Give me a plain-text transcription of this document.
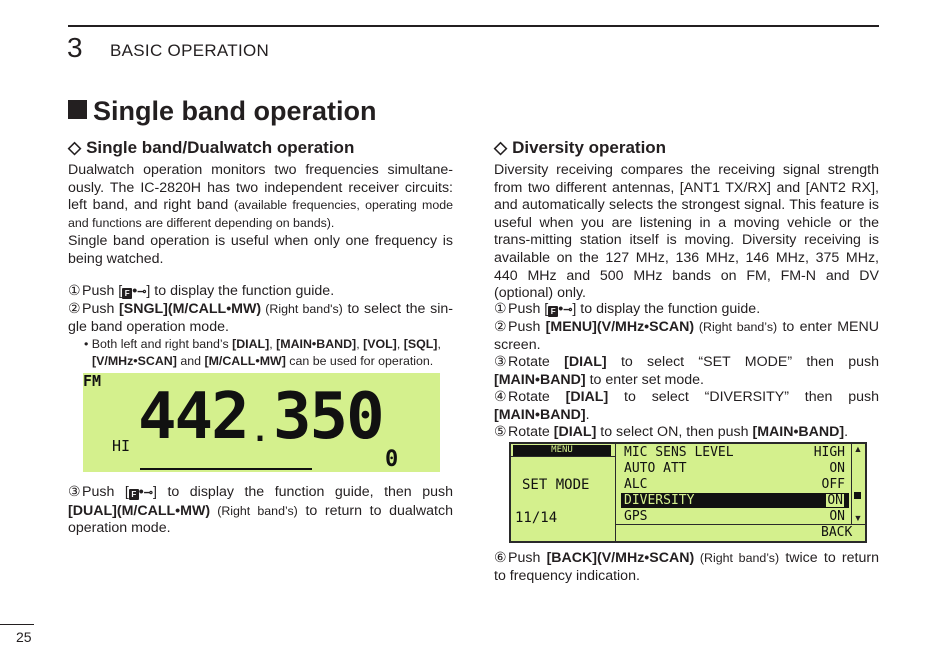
3 BASIC OPERATION
Single band operation
◇ Single band/Dualwatch operation
Dualwatch operation monitors two frequencies simultane-ously. The IC-2820H has two independent receiver circuits: left band, and right band (available frequencies, operating mode and functions are different depending on bands).
Single band operation is useful when only one frequency is being watched.
①Push [ F •⊸] to display the function guide.
②Push [SNGL](M/CALL•MW) (Right band's) to select the sin-gle band operation mode.
• Both left and right band’s [DIAL], [MAIN•BAND], [VOL], [SQL],
[V/MHz•SCAN] and [M/CALL•MW] can be used for operation.
FM 442 . 350
HI
0
③Push [ F •⊸] to display the function guide, then push [DUAL](M/CALL•MW) (Right band’s) to return to dualwatch operation mode.
◇ Diversity operation
Diversity receiving compares the receiving signal strength from two different antennas, [ANT1 TX/RX] and [ANT2 RX], and automatically selects the strongest signal. This feature is useful when you are listening in a moving vehicle or the trans-mitting station itself is moving. Diversity receiving is available on the 127 MHz, 136 MHz, 146 MHz, 375 MHz, 440 MHz and 500 MHz bands on FM, FM-N and DV (optional) only.
①Push [ F •⊸] to display the function guide.
②Push [MENU](V/MHz•SCAN) (Right band’s) to enter MENU screen.
③Rotate [DIAL] to select “SET MODE” then push [MAIN•BAND] to enter set mode.
④Rotate [DIAL] to select “DIVERSITY” then push [MAIN•BAND].
⑤Rotate [DIAL] to select ON, then push [MAIN•BAND].
MENU
SET MODE
11/14
MIC SENS LEVEL	HIGH
AUTO ATT	ON
ALC	OFF
DIVERSITY	ON
GPS	ON
▲
▼
BACK
⑥Push [BACK](V/MHz•SCAN) (Right band’s) twice to return to frequency indication.
25
